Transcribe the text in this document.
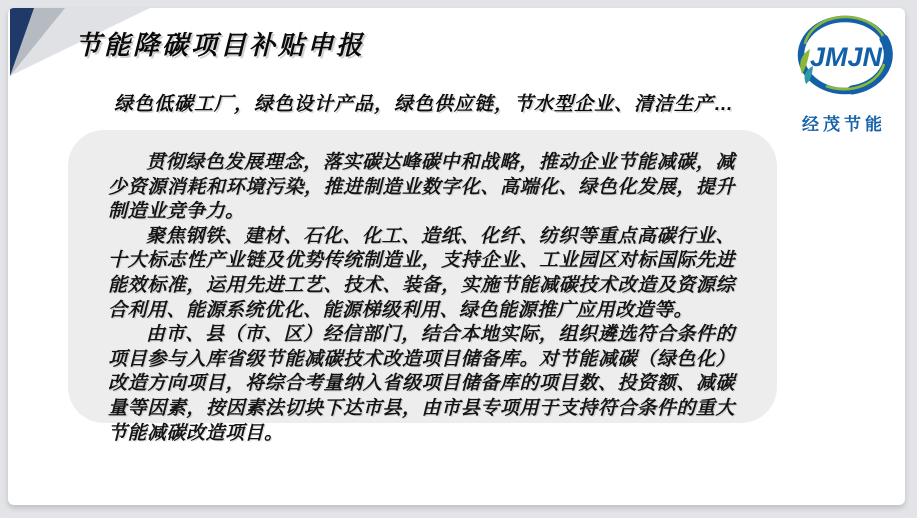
节能降碳项目补贴申报
绿色低碳工厂，绿色设计产品，绿色供应链，节水型企业、清洁生产…
JMJN
经茂节能

贯彻绿色发展理念，落实碳达峰碳中和战略，推动企业节能减碳，减少资源消耗和环境污染，推进制造业数字化、高端化、绿色化发展，提升制造业竞争力。

聚焦钢铁、建材、石化、化工、造纸、化纤、纺织等重点高碳行业、十大标志性产业链及优势传统制造业，支持企业、工业园区对标国际先进能效标准，运用先进工艺、技术、装备，实施节能减碳技术改造及资源综合利用、能源系统优化、能源梯级利用、绿色能源推广应用改造等。

由市、县（市、区）经信部门，结合本地实际，组织遴选符合条件的项目参与入库省级节能减碳技术改造项目储备库。对节能减碳（绿色化）改造方向项目，将综合考量纳入省级项目储备库的项目数、投资额、减碳量等因素，按因素法切块下达市县，由市县专项用于支持符合条件的重大节能减碳改造项目。
